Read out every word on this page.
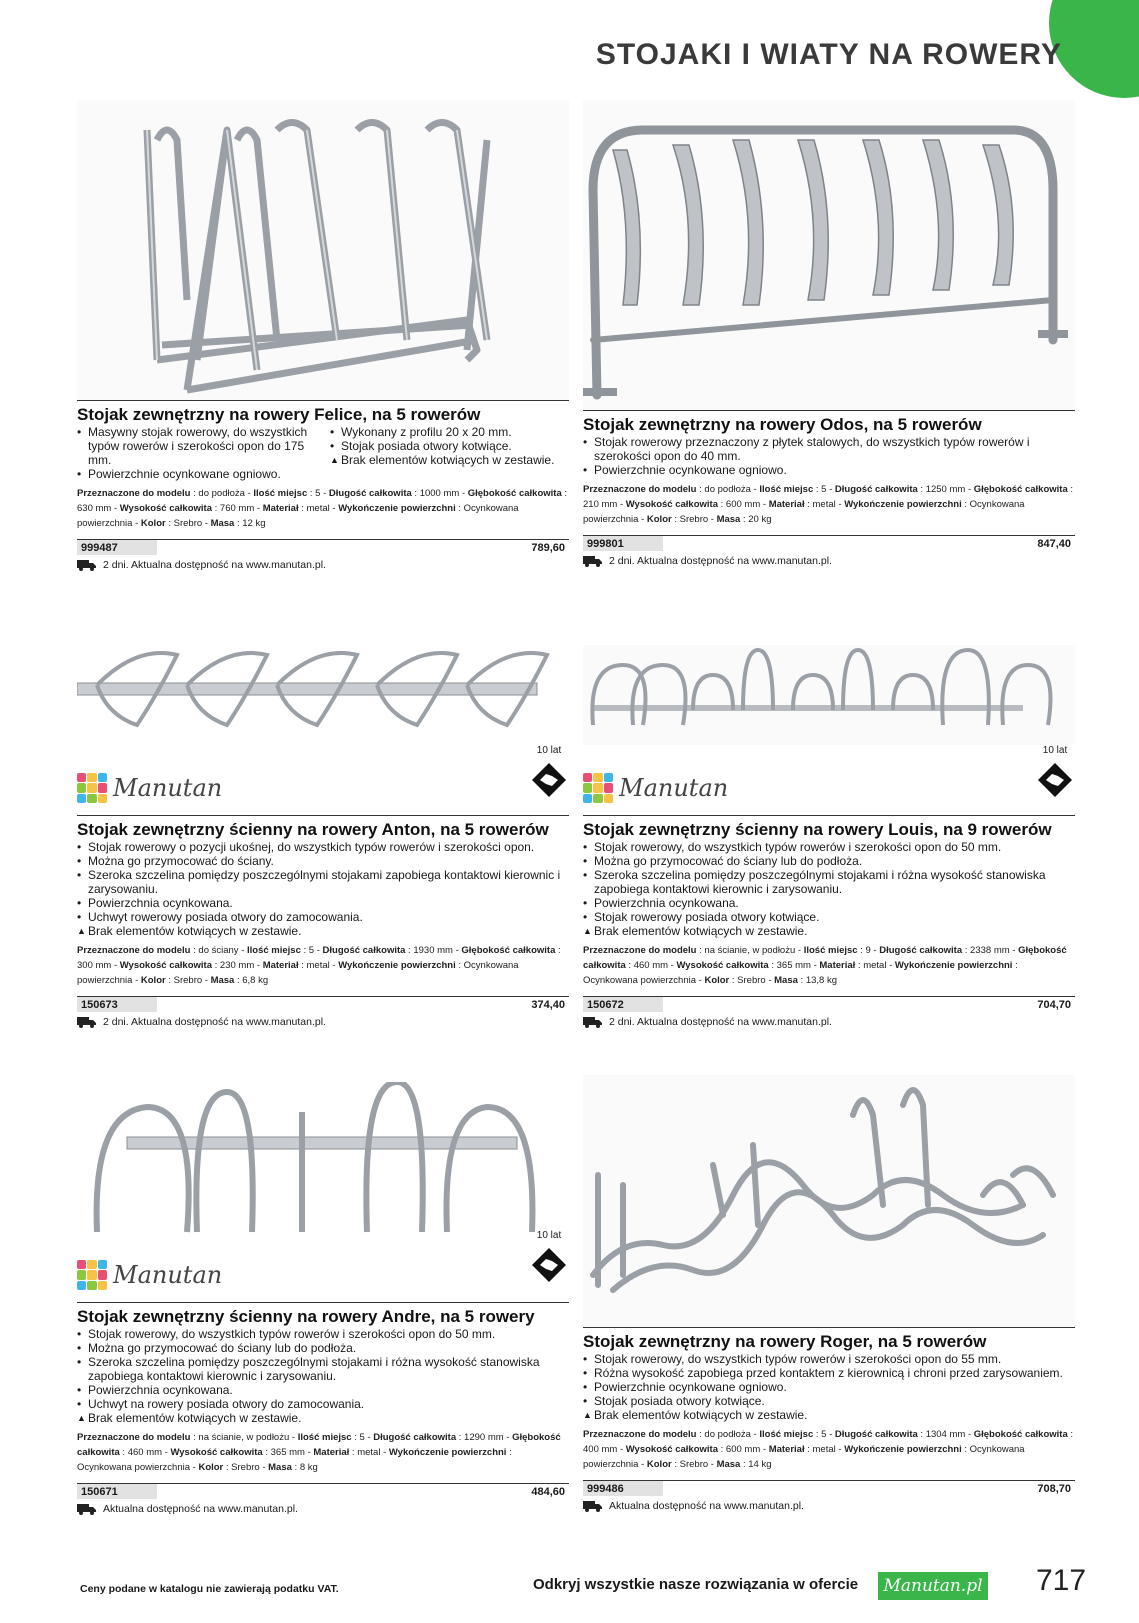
STOJAKI I WIATY NA ROWERY
Stojak zewnętrzny na rowery Felice, na 5 rowerów
• Masywny stojak rowerowy, do wszystkich typów rowerów i szerokości opon do 175 mm.
• Powierzchnie ocynkowane ogniowo.
• Wykonany z profilu 20 x 20 mm.
• Stojak posiada otwory kotwiące.
▲ Brak elementów kotwiących w zestawie.
Przeznaczone do modelu : do podłoża - Ilość miejsc : 5 - Długość całkowita : 1000 mm - Głębokość całkowita : 630 mm - Wysokość całkowita : 760 mm - Materiał : metal - Wykończenie powierzchni : Ocynkowana powierzchnia - Kolor : Srebro - Masa : 12 kg
999487	789,60
2 dni. Aktualna dostępność na www.manutan.pl.
Stojak zewnętrzny na rowery Odos, na 5 rowerów
• Stojak rowerowy przeznaczony z płytek stalowych, do wszystkich typów rowerów i szerokości opon do 40 mm.
• Powierzchnie ocynkowane ogniowo.
Przeznaczone do modelu : do podłoża - Ilość miejsc : 5 - Długość całkowita : 1250 mm - Głębokość całkowita : 210 mm - Wysokość całkowita : 600 mm - Materiał : metal - Wykończenie powierzchni : Ocynkowana powierzchnia - Kolor : Srebro - Masa : 20 kg
999801	847,40
2 dni. Aktualna dostępność na www.manutan.pl.
Manutan
10 lat
Stojak zewnętrzny ścienny na rowery Anton, na 5 rowerów
• Stojak rowerowy o pozycji ukośnej, do wszystkich typów rowerów i szerokości opon.
• Można go przymocować do ściany.
• Szeroka szczelina pomiędzy poszczególnymi stojakami zapobiega kontaktowi kierownic i zarysowaniu.
• Powierzchnia ocynkowana.
• Uchwyt rowerowy posiada otwory do zamocowania.
▲ Brak elementów kotwiących w zestawie.
Przeznaczone do modelu : do ściany - Ilość miejsc : 5 - Długość całkowita : 1930 mm - Głębokość całkowita : 300 mm - Wysokość całkowita : 230 mm - Materiał : metal - Wykończenie powierzchni : Ocynkowana powierzchnia - Kolor : Srebro - Masa : 6,8 kg
150673	374,40
2 dni. Aktualna dostępność na www.manutan.pl.
Manutan
10 lat
Stojak zewnętrzny ścienny na rowery Louis, na 9 rowerów
• Stojak rowerowy, do wszystkich typów rowerów i szerokości opon do 50 mm.
• Można go przymocować do ściany lub do podłoża.
• Szeroka szczelina pomiędzy poszczególnymi stojakami i różna wysokość stanowiska zapobiega kontaktowi kierownic i zarysowaniu.
• Powierzchnia ocynkowana.
• Stojak rowerowy posiada otwory kotwiące.
▲ Brak elementów kotwiących w zestawie.
Przeznaczone do modelu : na ścianie, w podłożu - Ilość miejsc : 9 - Długość całkowita : 2338 mm - Głębokość całkowita : 460 mm - Wysokość całkowita : 365 mm - Materiał : metal - Wykończenie powierzchni : Ocynkowana powierzchnia - Kolor : Srebro - Masa : 13,8 kg
150672	704,70
2 dni. Aktualna dostępność na www.manutan.pl.
Manutan
10 lat
Stojak zewnętrzny ścienny na rowery Andre, na 5 rowery
• Stojak rowerowy, do wszystkich typów rowerów i szerokości opon do 50 mm.
• Można go przymocować do ściany lub do podłoża.
• Szeroka szczelina pomiędzy poszczególnymi stojakami i różna wysokość stanowiska zapobiega kontaktowi kierownic i zarysowaniu.
• Powierzchnia ocynkowana.
• Uchwyt na rowery posiada otwory do zamocowania.
▲ Brak elementów kotwiących w zestawie.
Przeznaczone do modelu : na ścianie, w podłożu - Ilość miejsc : 5 - Długość całkowita : 1290 mm - Głębokość całkowita : 460 mm - Wysokość całkowita : 365 mm - Materiał : metal - Wykończenie powierzchni : Ocynkowana powierzchnia - Kolor : Srebro - Masa : 8 kg
150671	484,60
Aktualna dostępność na www.manutan.pl.
Stojak zewnętrzny na rowery Roger, na 5 rowerów
• Stojak rowerowy, do wszystkich typów rowerów i szerokości opon do 55 mm.
• Różna wysokość zapobiega przed kontaktem z kierownicą i chroni przed zarysowaniem.
• Powierzchnie ocynkowane ogniowo.
• Stojak posiada otwory kotwiące.
▲ Brak elementów kotwiących w zestawie.
Przeznaczone do modelu : do podłoża - Ilość miejsc : 5 - Długość całkowita : 1304 mm - Głębokość całkowita : 400 mm - Wysokość całkowita : 600 mm - Materiał : metal - Wykończenie powierzchni : Ocynkowana powierzchnia - Kolor : Srebro - Masa : 14 kg
999486	708,70
Aktualna dostępność na www.manutan.pl.
Ceny podane w katalogu nie zawierają podatku VAT.	Odkryj wszystkie nasze rozwiązania w ofercie	Manutan.pl 717
